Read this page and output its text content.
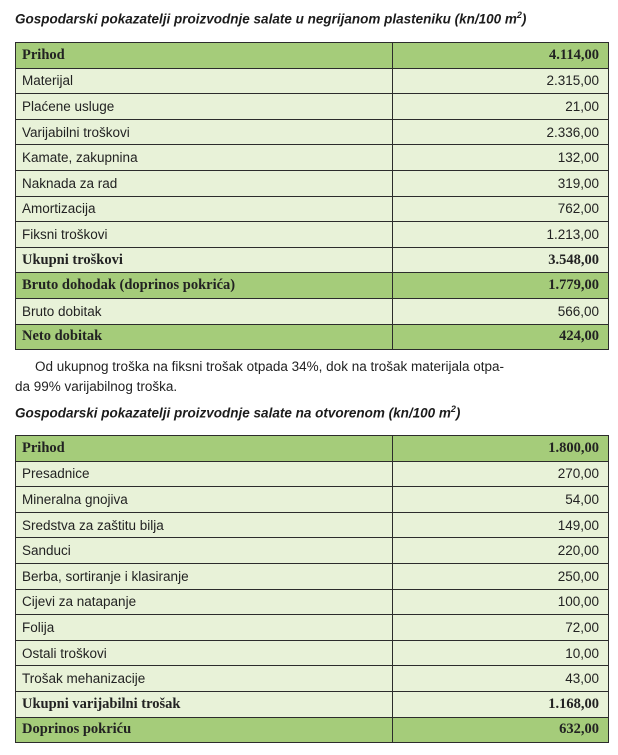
Gospodarski pokazatelji proizvodnje salate u negrijanom plasteniku (kn/100 $m^2$)
Prihod	4.114,00
Materijal	2.315,00
Plaćene usluge	21,00
Varijabilni troškovi	2.336,00
Kamate, zakupnina	132,00
Naknada za rad	319,00
Amortizacija	762,00
Fiksni troškovi	1.213,00
Ukupni troškovi	3.548,00
Bruto dohodak (doprinos pokrića)	1.779,00
Bruto dobitak	566,00
Neto dobitak	424,00

Od ukupnog troška na fiksni trošak otpada 34%, dok na trošak materijala otpa-
da 99% varijabilnog troška.

Gospodarski pokazatelji proizvodnje salate na otvorenom (kn/100 $m^2$)
Prihod	1.800,00
Presadnice	270,00
Mineralna gnojiva	54,00
Sredstva za zaštitu bilja	149,00
Sanduci	220,00
Berba, sortiranje i klasiranje	250,00
Cijevi za natapanje	100,00
Folija	72,00
Ostali troškovi	10,00
Trošak mehanizacije	43,00
Ukupni varijabilni trošak	1.168,00
Doprinos pokriću	632,00
